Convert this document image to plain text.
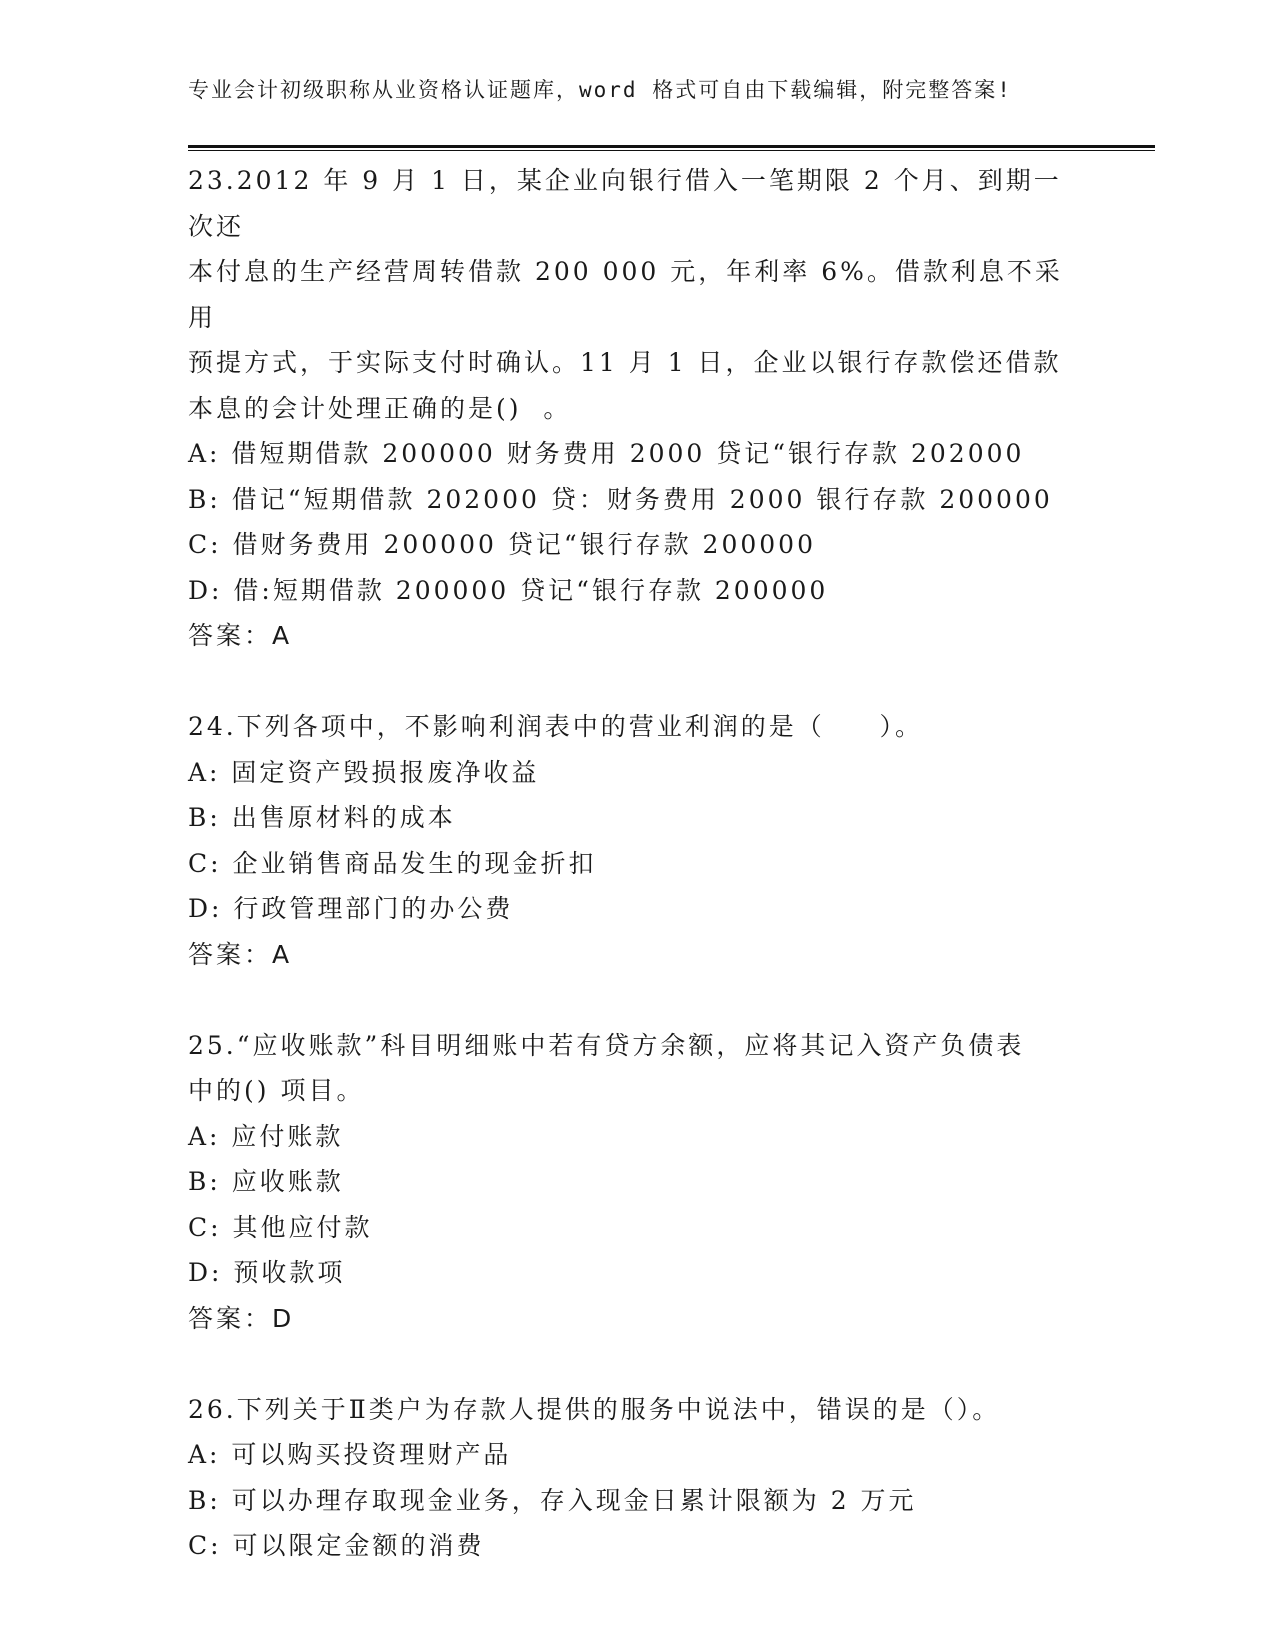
专业会计初级职称从业资格认证题库，word 格式可自由下载编辑，附完整答案!

23.2012 年 9 月 1 日，某企业向银行借入一笔期限 2 个月、到期一次还

本付息的生产经营周转借款 200 000 元，年利率 6%。借款利息不采用

预提方式，于实际支付时确认。11 月 1 日，企业以银行存款偿还借款

本息的会计处理正确的是()  。

A: 借短期借款 200000 财务费用 2000 贷记“银行存款 202000

B: 借记“短期借款 202000 贷：财务费用 2000 银行存款 200000

C: 借财务费用 200000 贷记“银行存款 200000

D: 借:短期借款 200000 贷记“银行存款 200000

答案：A

24.下列各项中，不影响利润表中的营业利润的是（     ）。

A: 固定资产毁损报废净收益

B: 出售原材料的成本

C: 企业销售商品发生的现金折扣

D: 行政管理部门的办公费

答案：A

25.“应收账款”科目明细账中若有贷方余额，应将其记入资产负债表

中的() 项目。

A: 应付账款

B: 应收账款

C: 其他应付款

D: 预收款项

答案：D

26.下列关于Ⅱ类户为存款人提供的服务中说法中，错误的是（）。

A: 可以购买投资理财产品

B: 可以办理存取现金业务，存入现金日累计限额为 2 万元

C: 可以限定金额的消费
